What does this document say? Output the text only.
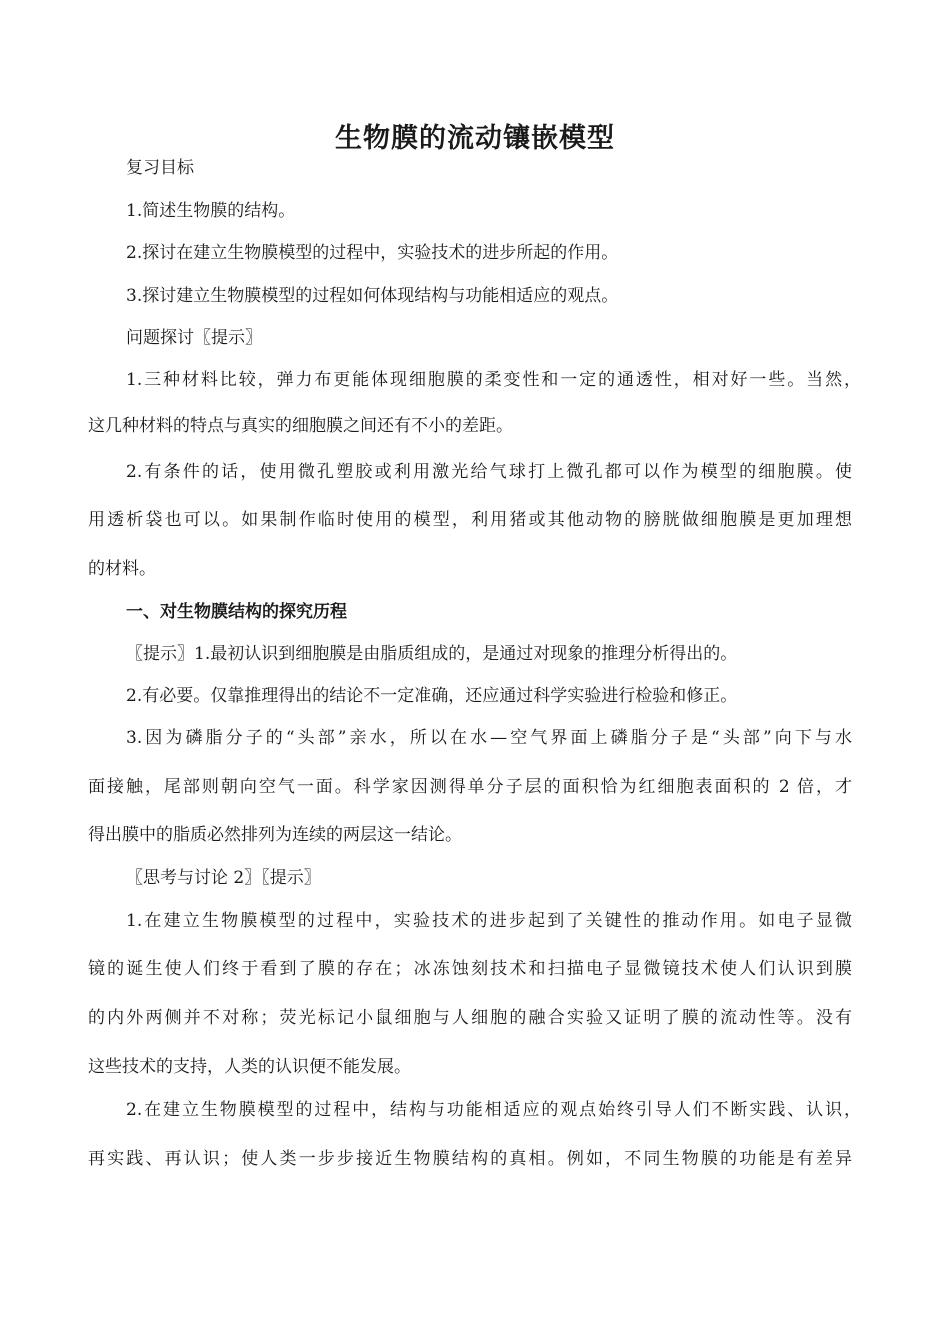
生物膜的流动镶嵌模型
复习目标
1.简述生物膜的结构。
2.探讨在建立生物膜模型的过程中，实验技术的进步所起的作用。
3.探讨建立生物膜模型的过程如何体现结构与功能相适应的观点。
问题探讨〖提示〗
1.三种材料比较，弹力布更能体现细胞膜的柔变性和一定的通透性，相对好一些。当然，
这几种材料的特点与真实的细胞膜之间还有不小的差距。
2.有条件的话，使用微孔塑胶或利用激光给气球打上微孔都可以作为模型的细胞膜。使
用透析袋也可以。如果制作临时使用的模型，利用猪或其他动物的膀胱做细胞膜是更加理想
的材料。
一、对生物膜结构的探究历程
〖提示〗1.最初认识到细胞膜是由脂质组成的，是通过对现象的推理分析得出的。
2.有必要。仅靠推理得出的结论不一定准确，还应通过科学实验进行检验和修正。
3.因为磷脂分子的“头部”亲水，所以在水—空气界面上磷脂分子是“头部”向下与水
面接触，尾部则朝向空气一面。科学家因测得单分子层的面积恰为红细胞表面积的 2 倍，才
得出膜中的脂质必然排列为连续的两层这一结论。
〖思考与讨论 2〗〖提示〗
1.在建立生物膜模型的过程中，实验技术的进步起到了关键性的推动作用。如电子显微
镜的诞生使人们终于看到了膜的存在；冰冻蚀刻技术和扫描电子显微镜技术使人们认识到膜
的内外两侧并不对称；荧光标记小鼠细胞与人细胞的融合实验又证明了膜的流动性等。没有
这些技术的支持，人类的认识便不能发展。
2.在建立生物膜模型的过程中，结构与功能相适应的观点始终引导人们不断实践、认识，
再实践、再认识；使人类一步步接近生物膜结构的真相。例如，不同生物膜的功能是有差异
